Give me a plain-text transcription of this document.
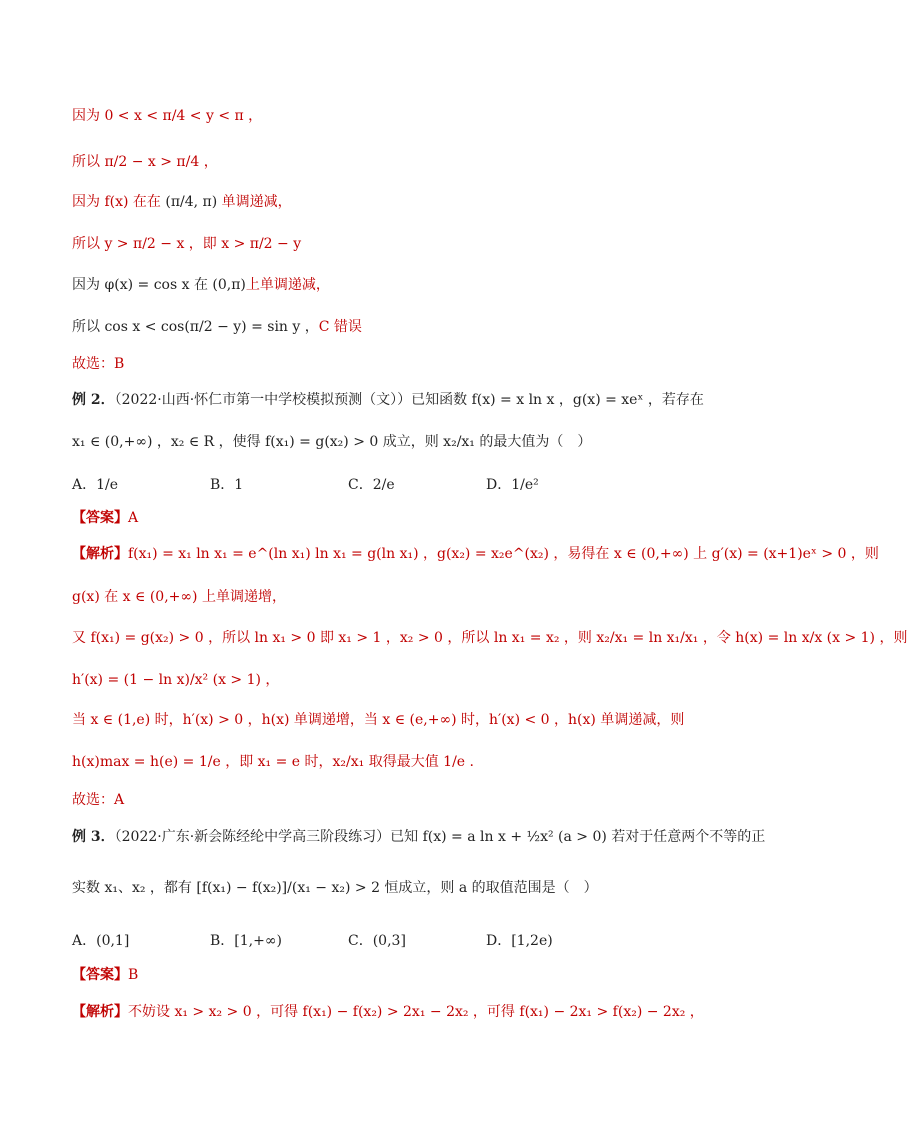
因为 0 < x < π/4 < y < π ，
所以 π/2 − x > π/4 ，
因为 f(x) 在在 (π/4, π) 单调递减，
所以 y > π/2 − x ，即 x > π/2 − y
因为 φ(x) = cos x 在 (0,π)上单调递减，
所以 cos x < cos(π/2 − y) = sin y ，C 错误
故选：B
例 2．（2022·山西·怀仁市第一中学校模拟预测（文））已知函数 f(x) = x ln x ，g(x) = xeˣ ，若存在
x₁ ∈ (0,+∞) ，x₂ ∈ R ，使得 f(x₁) = g(x₂) > 0 成立，则 x₂/x₁ 的最大值为（　）
A．1/e	B．1	C．2/e	D．1/e²
【答案】A
【解析】f(x₁) = x₁ ln x₁ = e^(ln x₁) ln x₁ = g(ln x₁) ，g(x₂) = x₂e^(x₂) ，易得在 x ∈ (0,+∞) 上 g′(x) = (x+1)eˣ > 0 ，则
g(x) 在 x ∈ (0,+∞) 上单调递增，
又 f(x₁) = g(x₂) > 0 ，所以 ln x₁ > 0 即 x₁ > 1 ，x₂ > 0 ，所以 ln x₁ = x₂ ，则 x₂/x₁ = ln x₁/x₁ ，令 h(x) = ln x/x (x > 1) ，则
h′(x) = (1 − ln x)/x² (x > 1) ，
当 x ∈ (1,e) 时，h′(x) > 0 ，h(x) 单调递增，当 x ∈ (e,+∞) 时，h′(x) < 0 ，h(x) 单调递减，则
h(x)max = h(e) = 1/e ，即 x₁ = e 时，x₂/x₁ 取得最大值 1/e .
故选：A
例 3．（2022·广东·新会陈经纶中学高三阶段练习）已知 f(x) = a ln x + ½x² (a > 0) 若对于任意两个不等的正
实数 x₁、x₂ ，都有 [f(x₁) − f(x₂)]/(x₁ − x₂) > 2 恒成立，则 a 的取值范围是（　）
A．(0,1]	B．[1,+∞)	C．(0,3]	D．[1,2e)
【答案】B
【解析】不妨设 x₁ > x₂ > 0 ，可得 f(x₁) − f(x₂) > 2x₁ − 2x₂ ，可得 f(x₁) − 2x₁ > f(x₂) − 2x₂ ，
